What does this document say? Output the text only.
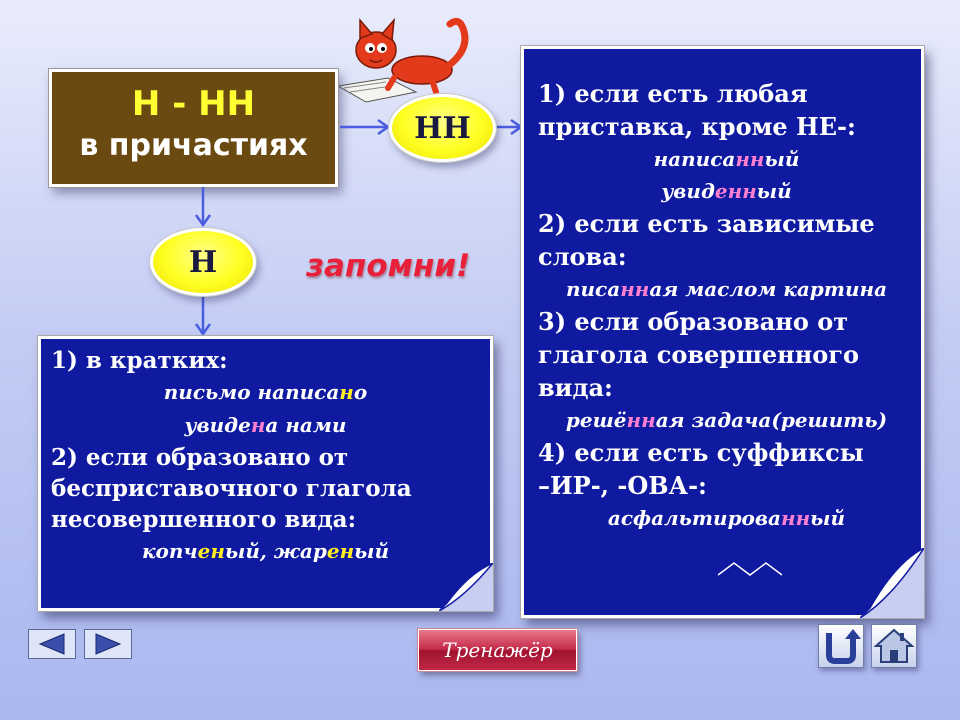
Н - НН
в причастиях	НН
Н	запомни!

1) в кратких:

письмо написано

увидена нами

2) если образовано от бесприставочного глагола несовершенного вида:

копченый, жареный

1) если есть любая приставка, кроме НЕ-:

написанный

увиденный

2) если есть зависимые слова:

писанная маслом картина

3) если образовано от глагола совершенного вида:

решённая задача(решить)

4) если есть суффиксы

–ИР-, -ОВА-:

асфальтированный

Тренажёр
